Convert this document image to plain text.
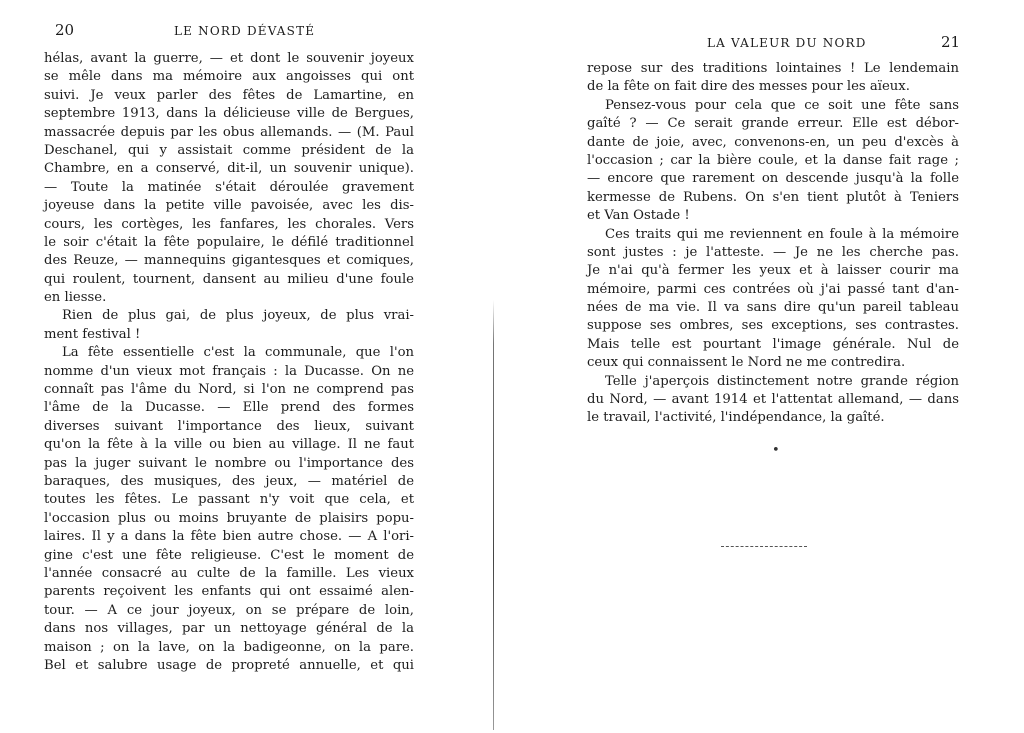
20	LE NORD DÉVASTÉ
hélas, avant la guerre, — et dont le souvenir joyeux
se mêle dans ma mémoire aux angoisses qui ont
suivi. Je veux parler des fêtes de Lamartine, en
septembre 1913, dans la délicieuse ville de Bergues,
massacrée depuis par les obus allemands. — (M. Paul
Deschanel, qui y assistait comme président de la
Chambre, en a conservé, dit-il, un souvenir unique).
— Toute la matinée s'était déroulée gravement
joyeuse dans la petite ville pavoisée, avec les dis-
cours, les cortèges, les fanfares, les chorales. Vers
le soir c'était la fête populaire, le défilé traditionnel
des Reuze, — mannequins gigantesques et comiques,
qui roulent, tournent, dansent au milieu d'une foule
en liesse.
Rien de plus gai, de plus joyeux, de plus vrai-
ment festival !
La fête essentielle c'est la communale, que l'on
nomme d'un vieux mot français : la Ducasse. On ne
connaît pas l'âme du Nord, si l'on ne comprend pas
l'âme de la Ducasse. — Elle prend des formes
diverses suivant l'importance des lieux, suivant
qu'on la fête à la ville ou bien au village. Il ne faut
pas la juger suivant le nombre ou l'importance des
baraques, des musiques, des jeux, — matériel de
toutes les fêtes. Le passant n'y voit que cela, et
l'occasion plus ou moins bruyante de plaisirs popu-
laires. Il y a dans la fête bien autre chose. — A l'ori-
gine c'est une fête religieuse. C'est le moment de
l'année consacré au culte de la famille. Les vieux
parents reçoivent les enfants qui ont essaimé alen-
tour. — A ce jour joyeux, on se prépare de loin,
dans nos villages, par un nettoyage général de la
maison ; on la lave, on la badigeonne, on la pare.
Bel et salubre usage de propreté annuelle, et qui
LA VALEUR DU NORD	21
repose sur des traditions lointaines ! Le lendemain
de la fête on fait dire des messes pour les aïeux.
Pensez-vous pour cela que ce soit une fête sans
gaîté ? — Ce serait grande erreur. Elle est débor-
dante de joie, avec, convenons-en, un peu d'excès à
l'occasion ; car la bière coule, et la danse fait rage ;
— encore que rarement on descende jusqu'à la folle
kermesse de Rubens. On s'en tient plutôt à Teniers
et Van Ostade !
Ces traits qui me reviennent en foule à la mémoire
sont justes : je l'atteste. — Je ne les cherche pas.
Je n'ai qu'à fermer les yeux et à laisser courir ma
mémoire, parmi ces contrées où j'ai passé tant d'an-
nées de ma vie. Il va sans dire qu'un pareil tableau
suppose ses ombres, ses exceptions, ses contrastes.
Mais telle est pourtant l'image générale. Nul de
ceux qui connaissent le Nord ne me contredira.
Telle j'aperçois distinctement notre grande région
du Nord, — avant 1914 et l'attentat allemand, — dans
le travail, l'activité, l'indépendance, la gaîté.
•
